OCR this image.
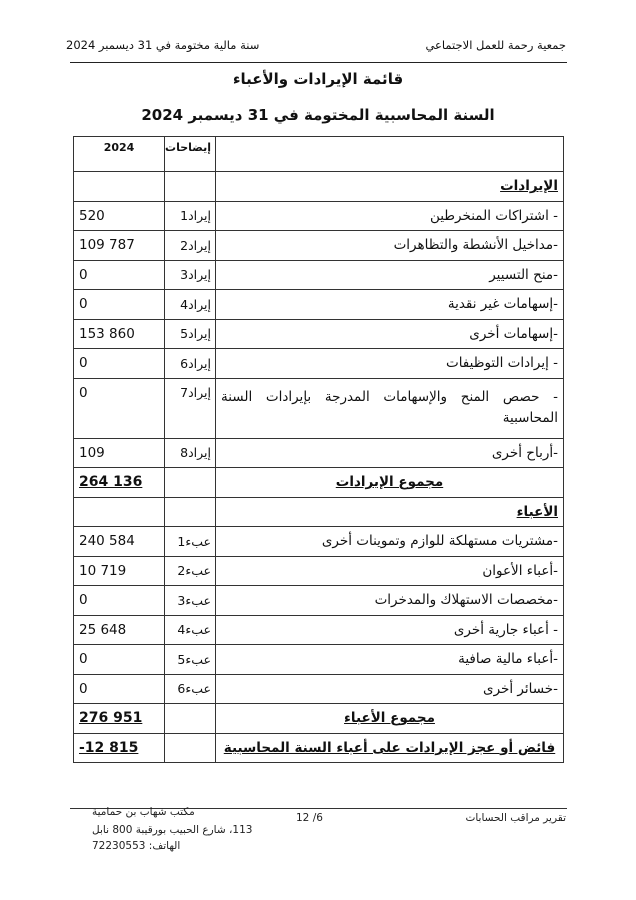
جمعية رحمة للعمل الاجتماعي
سنة مالية مختومة في 31 ديسمبر 2024
قائمة الإيرادات والأعباء
السنة المحاسبية المختومة في 31 ديسمبر 2024
2024	إيضاحات	
		الإيرادات
520	إيراد1	- اشتراكات المنخرطين
109 787	إيراد2	-مداخيل الأنشطة والتظاهرات
0	إيراد3	-منح التسيير
0	إيراد4	-إسهامات غير نقدية
153 860	إيراد5	-إسهامات أخرى
0	إيراد6	- إيرادات التوظيفات
0	إيراد7	- حصص المنح والإسهامات المدرجة بإيرادات السنة المحاسبية
109	إيراد8	-أرباح أخرى
264 136		مجموع الإيرادات
		الأعباء
240 584	عبء1	-مشتريات مستهلكة للوازم وتموينات أخرى
10 719	عبء2	-أعباء الأعوان
0	عبء3	-مخصصات الاستهلاك والمدخرات
25 648	عبء4	- أعباء جارية أخرى
0	عبء5	-أعباء مالية صافية
0	عبء6	-خسائر أخرى
276 951		مجموع الأعباء
-12 815		فائض أو عجز الإيرادات على أعباء السنة المحاسبية
تقرير مراقب الحسابات
12 /6
مكتب شهاب بن حمامية
113، شارع الحبيب بورقيبة 800 نابل
الهاتف: 72230553
